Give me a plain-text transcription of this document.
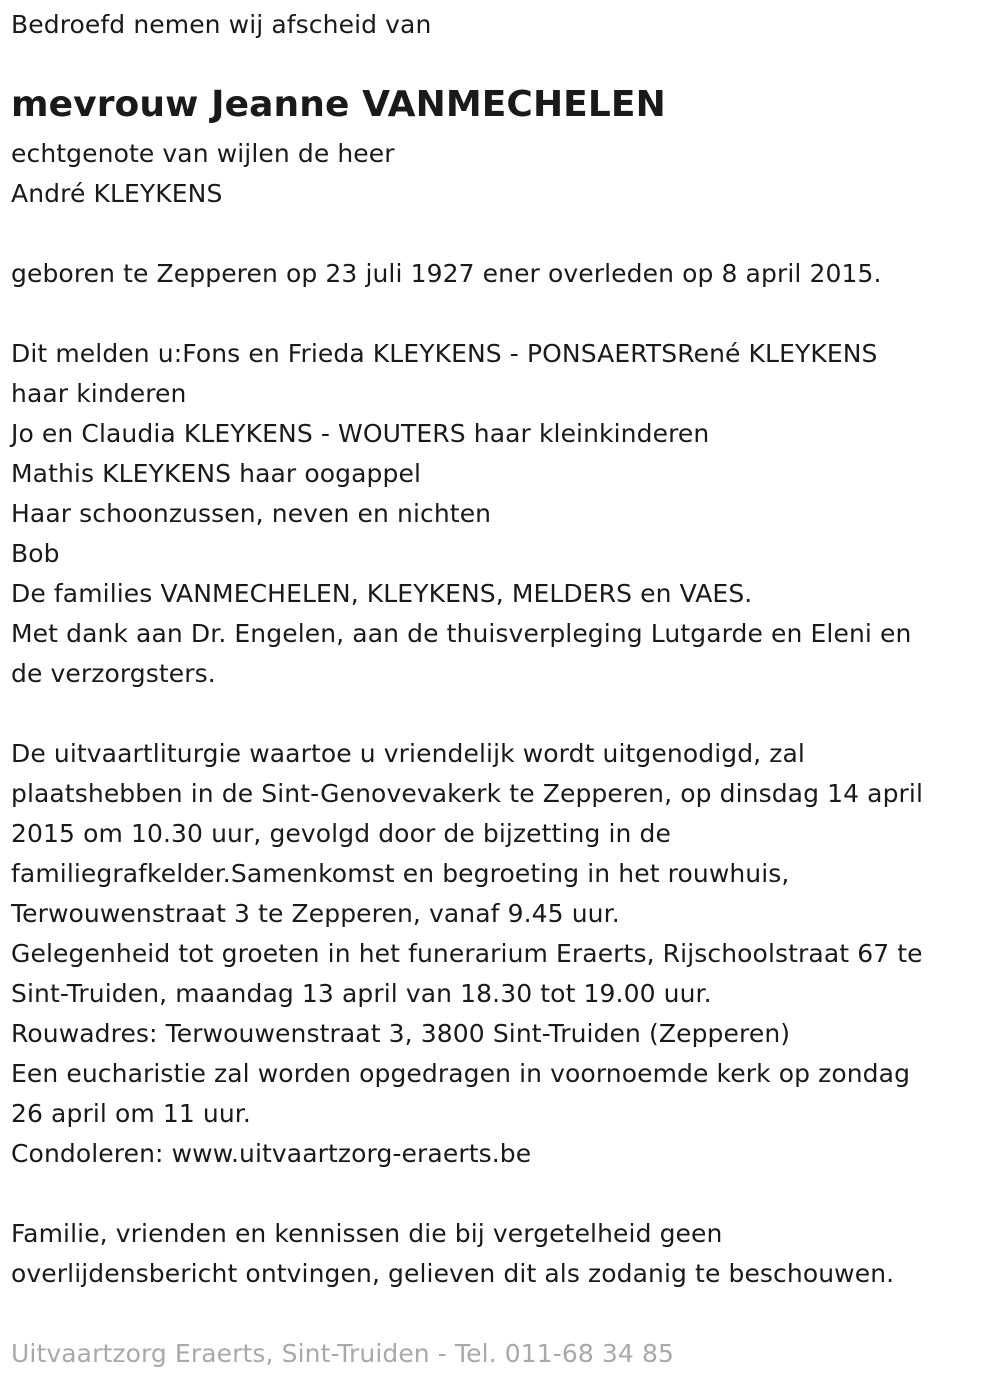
Bedroefd nemen wij afscheid van
mevrouw Jeanne VANMECHELEN
echtgenote van wijlen de heer
André KLEYKENS
geboren te Zepperen op 23 juli 1927 ener overleden op 8 april 2015.
Dit melden u:Fons en Frieda KLEYKENS - PONSAERTSRené KLEYKENS
haar kinderen
Jo en Claudia KLEYKENS - WOUTERS haar kleinkinderen
Mathis KLEYKENS haar oogappel
Haar schoonzussen, neven en nichten
Bob
De families VANMECHELEN, KLEYKENS, MELDERS en VAES.
Met dank aan Dr. Engelen, aan de thuisverpleging Lutgarde en Eleni en
de verzorgsters.
De uitvaartliturgie waartoe u vriendelijk wordt uitgenodigd, zal
plaatshebben in de Sint-Genovevakerk te Zepperen, op dinsdag 14 april
2015 om 10.30 uur, gevolgd door de bijzetting in de
familiegrafkelder.Samenkomst en begroeting in het rouwhuis,
Terwouwenstraat 3 te Zepperen, vanaf 9.45 uur.
Gelegenheid tot groeten in het funerarium Eraerts, Rijschoolstraat 67 te
Sint-Truiden, maandag 13 april van 18.30 tot 19.00 uur.
Rouwadres: Terwouwenstraat 3, 3800 Sint-Truiden (Zepperen)
Een eucharistie zal worden opgedragen in voornoemde kerk op zondag
26 april om 11 uur.
Condoleren: www.uitvaartzorg-eraerts.be
Familie, vrienden en kennissen die bij vergetelheid geen
overlijdensbericht ontvingen, gelieven dit als zodanig te beschouwen.
Uitvaartzorg Eraerts, Sint-Truiden - Tel. 011-68 34 85
